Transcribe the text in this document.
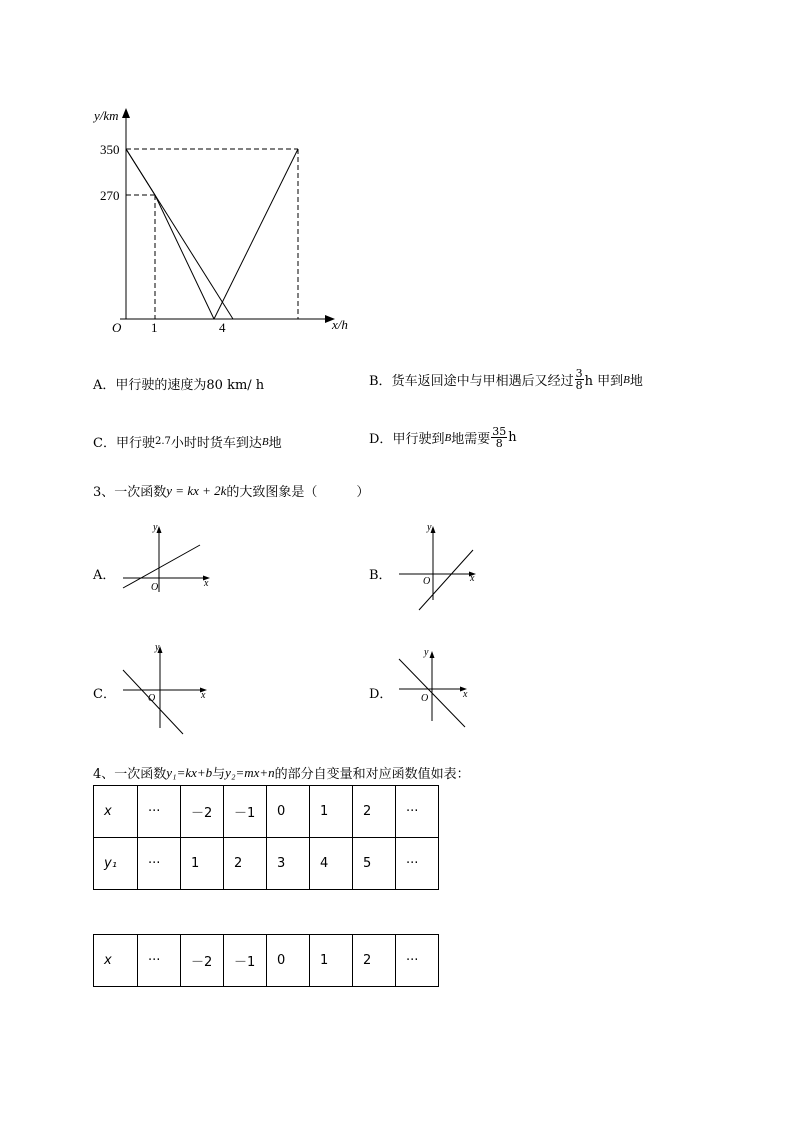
y/km
350
270
O 1	4	x/h
A． 甲行驶的速度为80 km/ h	B． 货车返回途中与甲相遇后又经过 $\frac{3}{8}$ h 甲到 B 地
C． 甲行驶 2.7 小时时货车到达 B 地	D． 甲行驶到 B 地需要 $\frac{35}{8}$ h
3、一次函数 y = kx + 2k 的大致图象是（　　　）
A．
y
x
O
B．
y
x
O
C．
y
x
O	D．
y
x
O
4、一次函数 y₁=kx+b 与 y₂=mx+n 的部分自变量和对应函数值如表：
x	···	－2	－1	0	1	2	···
y₁	···	1	2	3	4	5	···
x	···	－2	－1	0	1	2	···
